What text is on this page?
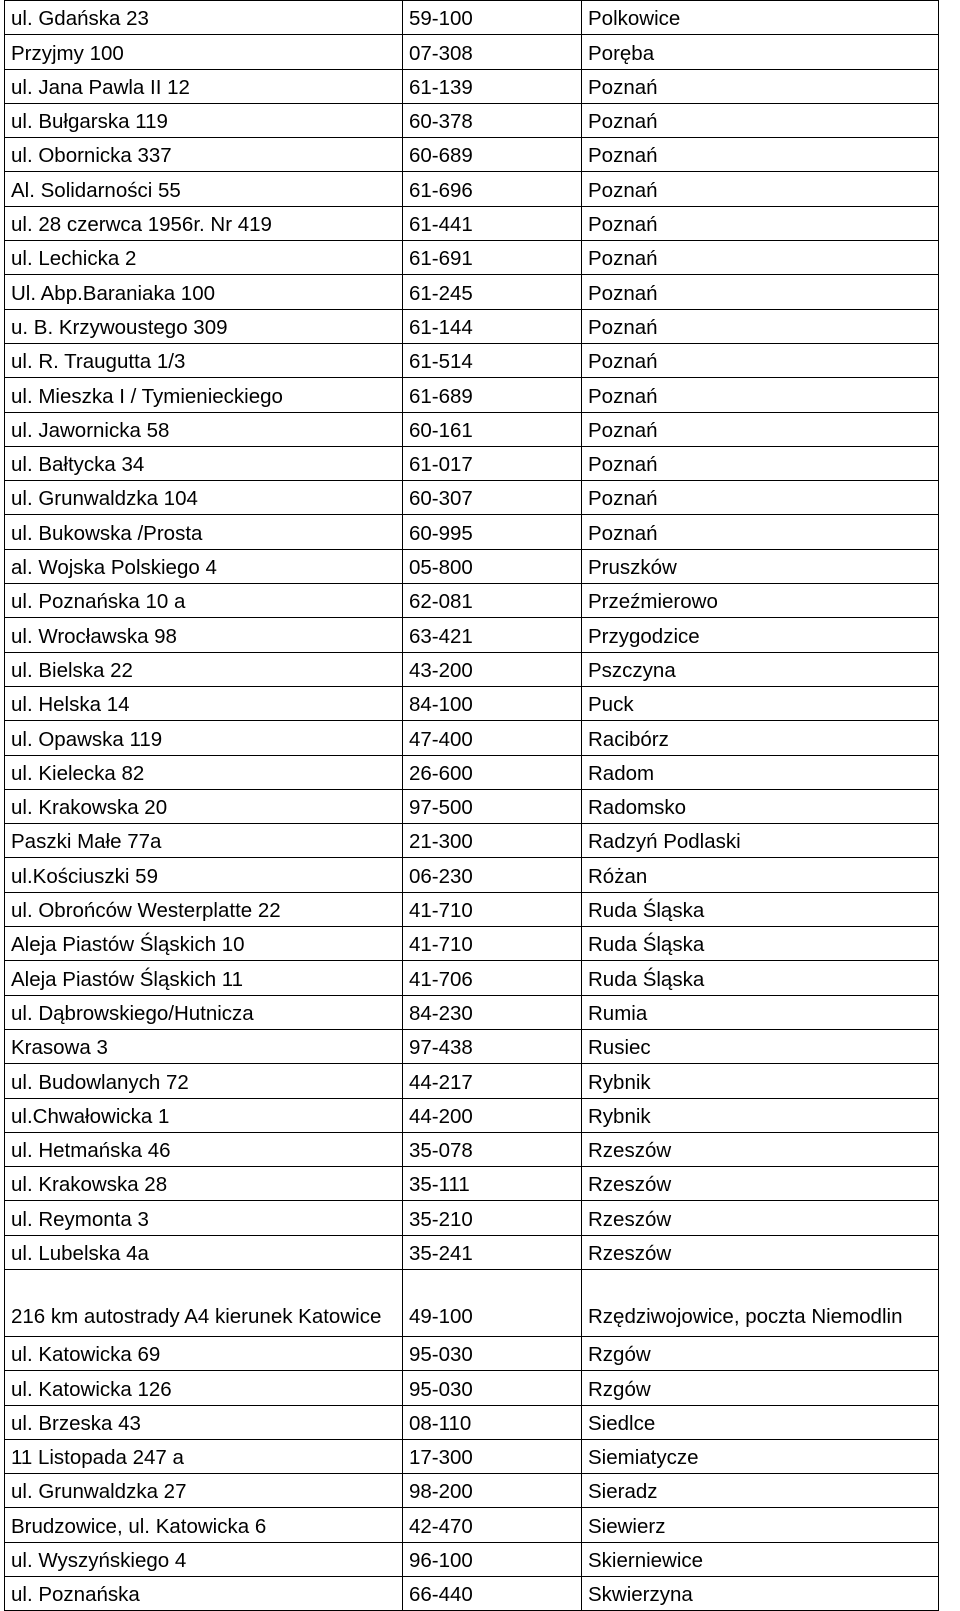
ul. Gdańska 23	59-100	Polkowice

Przyjmy 100	07-308	Poręba

ul. Jana Pawla II 12	61-139	Poznań

ul. Bułgarska 119	60-378	Poznań

ul. Obornicka 337	60-689	Poznań

Al. Solidarności 55	61-696	Poznań

ul. 28 czerwca 1956r. Nr 419	61-441	Poznań

ul. Lechicka 2	61-691	Poznań

Ul. Abp.Baraniaka 100	61-245	Poznań

u. B. Krzywoustego 309	61-144	Poznań

ul. R. Traugutta 1/3	61-514	Poznań

ul. Mieszka I / Tymienieckiego	61-689	Poznań

ul. Jawornicka 58	60-161	Poznań

ul. Bałtycka 34	61-017	Poznań

ul. Grunwaldzka 104	60-307	Poznań

ul. Bukowska /Prosta	60-995	Poznań

al. Wojska Polskiego 4	05-800	Pruszków

ul. Poznańska 10 a	62-081	Przeźmierowo

ul. Wrocławska 98	63-421	Przygodzice

ul. Bielska 22	43-200	Pszczyna

ul. Helska 14	84-100	Puck

ul. Opawska 119	47-400	Racibórz

ul. Kielecka 82	26-600	Radom

ul. Krakowska 20	97-500	Radomsko

Paszki Małe 77a	21-300	Radzyń Podlaski

ul.Kościuszki 59	06-230	Różan

ul. Obrońców Westerplatte 22	41-710	Ruda Śląska

Aleja Piastów Śląskich 10	41-710	Ruda Śląska

Aleja Piastów Śląskich 11	41-706	Ruda Śląska

ul. Dąbrowskiego/Hutnicza	84-230	Rumia

Krasowa 3	97-438	Rusiec

ul. Budowlanych 72	44-217	Rybnik

ul.Chwałowicka 1	44-200	Rybnik

ul. Hetmańska 46	35-078	Rzeszów

ul. Krakowska 28	35-111	Rzeszów

ul. Reymonta 3	35-210	Rzeszów

ul. Lubelska 4a	35-241	Rzeszów

216 km autostrady A4 kierunek Katowice	49-100	Rzędziwojowice, poczta Niemodlin

ul. Katowicka 69	95-030	Rzgów

ul. Katowicka 126	95-030	Rzgów

ul. Brzeska 43	08-110	Siedlce

11 Listopada 247 a	17-300	Siemiatycze

ul. Grunwaldzka 27	98-200	Sieradz

Brudzowice, ul. Katowicka 6	42-470	Siewierz

ul. Wyszyńskiego 4	96-100	Skierniewice

ul. Poznańska	66-440	Skwierzyna
